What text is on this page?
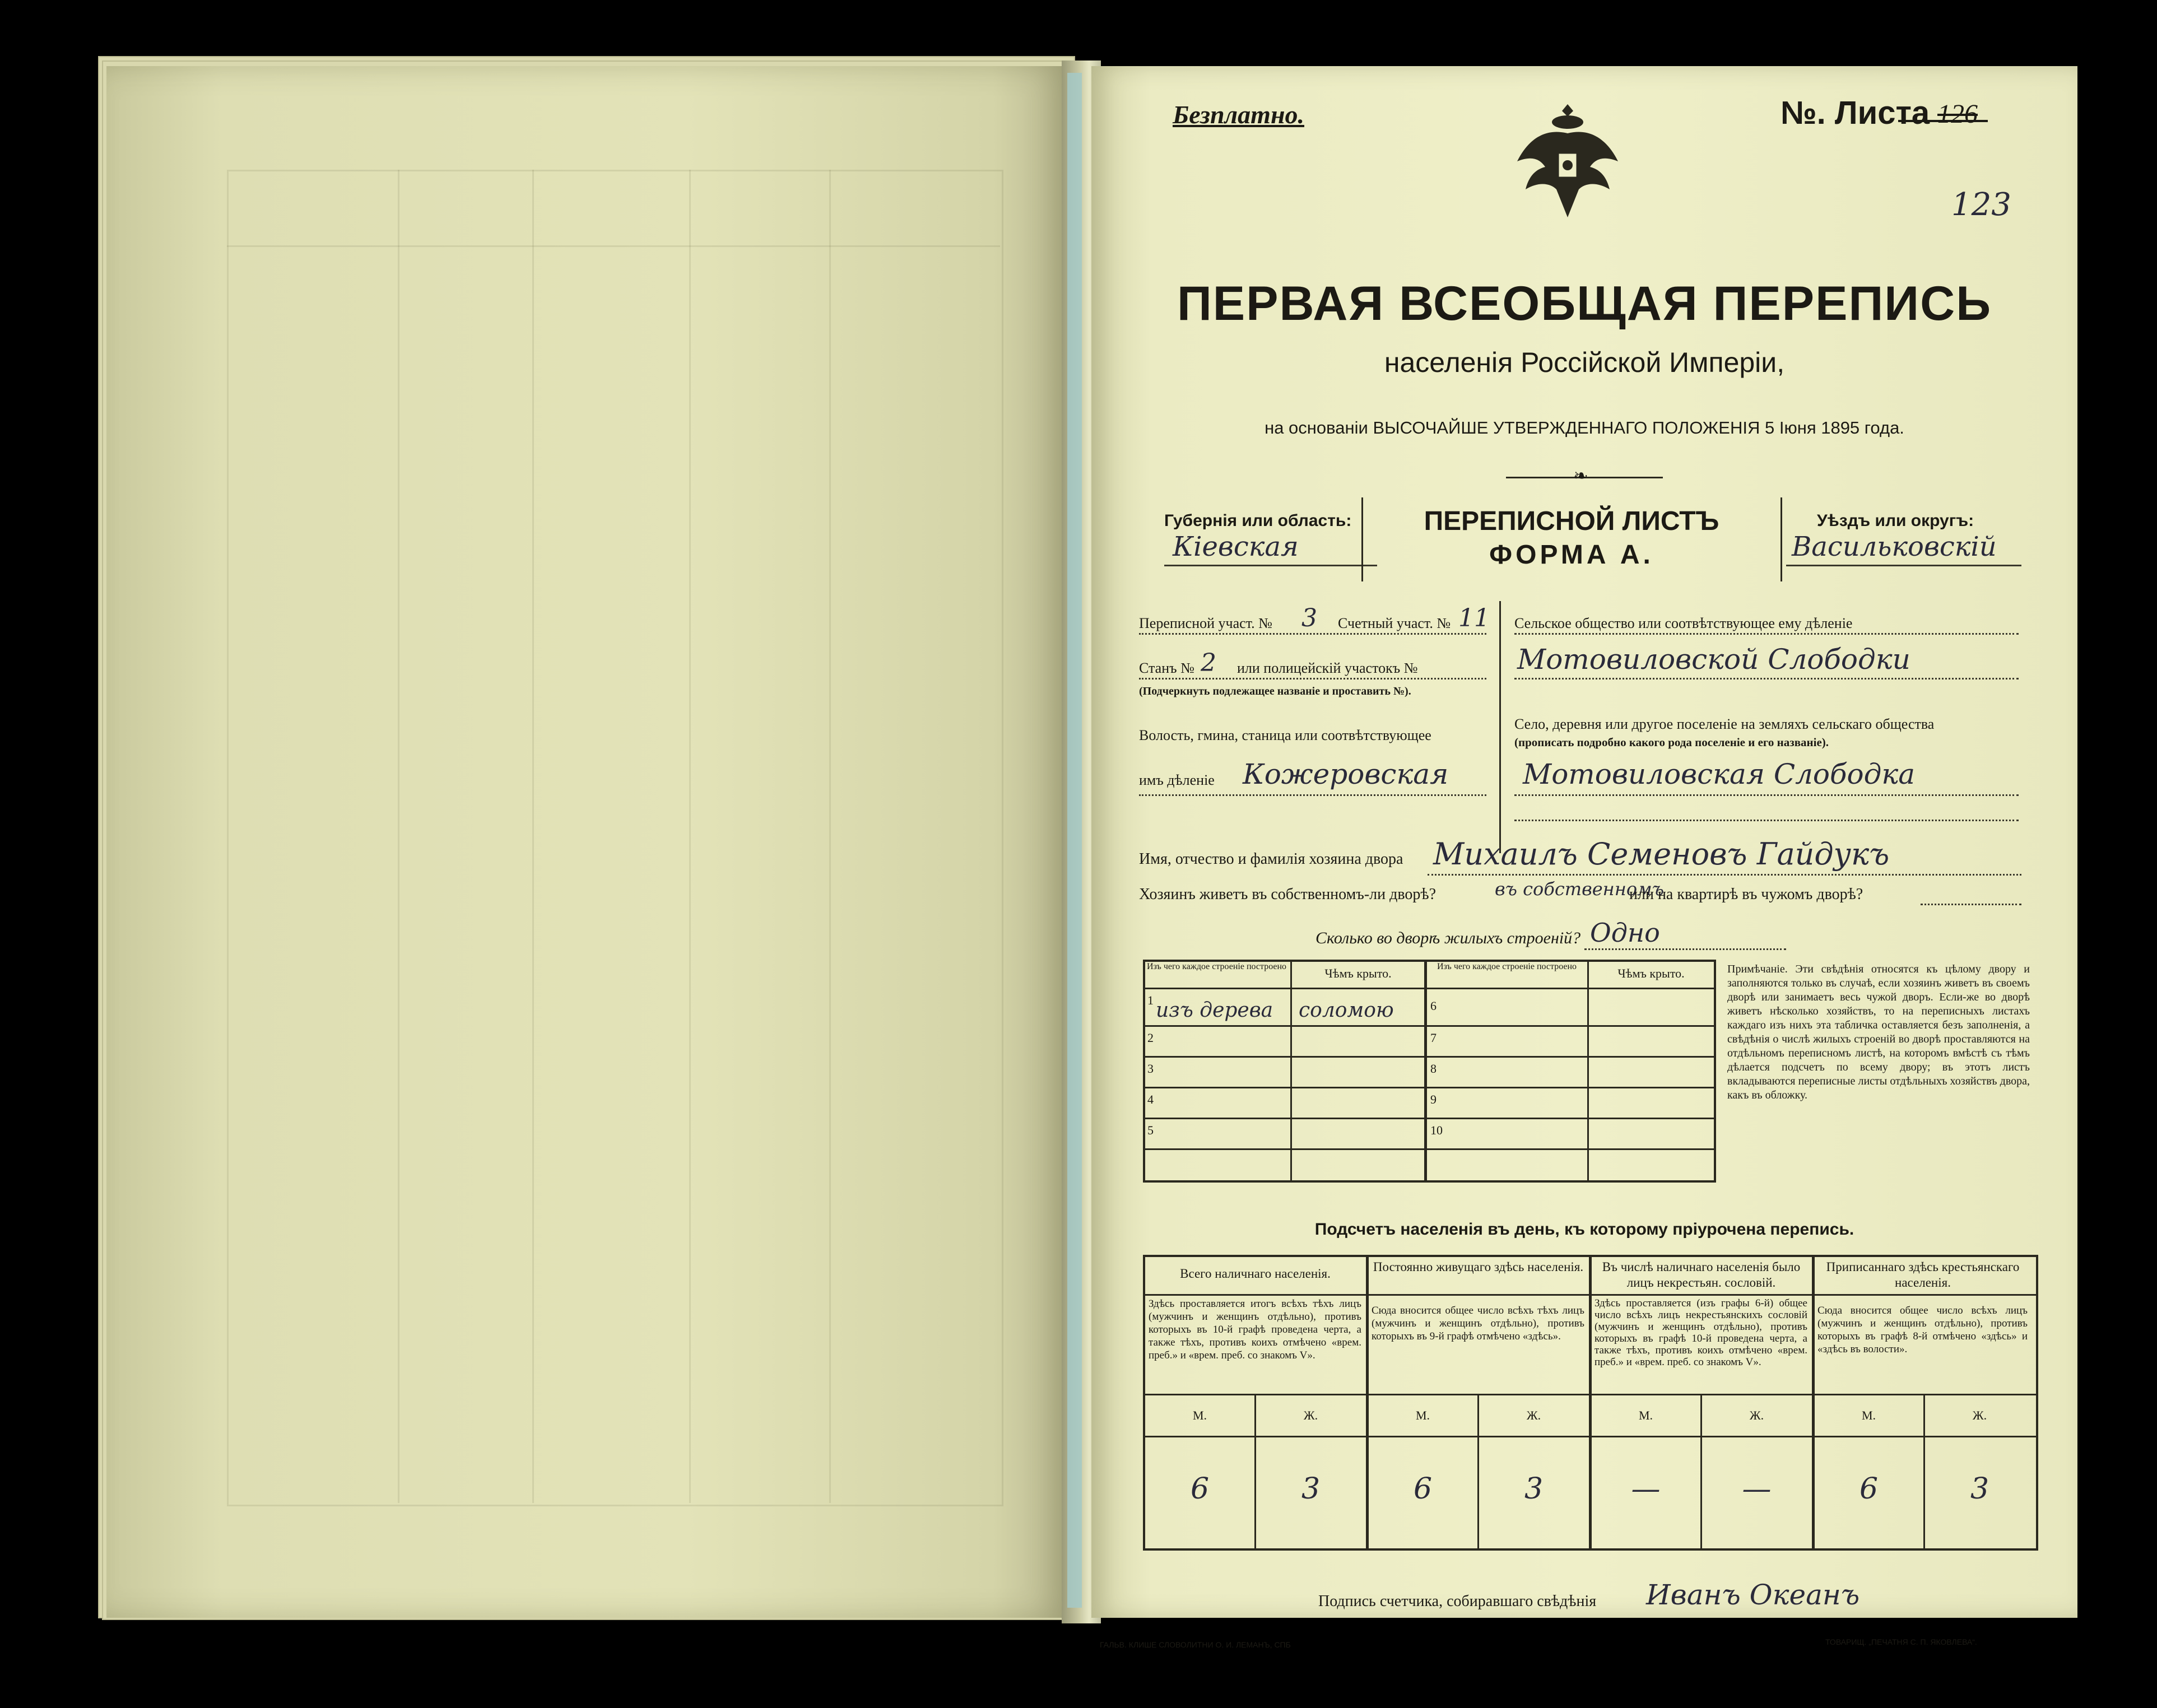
Безплатно.	№. Листа 126
123
ПЕРВАЯ ВСЕОБЩАЯ ПЕРЕПИСЬ
населенія Россійской Имперіи,
на основаніи ВЫСОЧАЙШЕ УТВЕРЖДЕННАГО ПОЛОЖЕНІЯ 5 Іюня 1895 года.
❧
Губернія или область:
Кіевская
ПЕРЕПИСНОЙ ЛИСТЪ
ФОРМА А.
Уѣздъ или округъ:
Васильковскій
Переписной участ. № 3 Счетный участ. № 11
Станъ № 2 или полицейскій участокъ №
(Подчеркнуть подлежащее названіе и проставить №).
Волость, гмина, станица или соотвѣтствующее
имъ дѣленіе Кожеровская
Сельское общество или соотвѣтствующее ему дѣленіе
Мотовиловской Слободки
Село, деревня или другое поселеніе на земляхъ сельскаго общества
(прописать подробно какого рода поселеніе и его названіе).
Мотовиловская Слободка
Имя, отчество и фамилія хозяина двора Михаилъ Семеновъ Гайдукъ
Хозяинъ живетъ въ собственномъ-ли дворѣ?	въ собственномъ
или на квартирѣ въ чужомъ дворѣ?
Сколько во дворѣ жилыхъ строеній? Одно
Изъ чего каждое строеніе построено	Чѣмъ крыто.	Изъ чего каждое строеніе построено	Чѣмъ крыто.
1 изъ дерева соломою
2
3
4
5
6
7
8
9
10
Примѣчаніе. Эти свѣдѣнія относятся къ цѣлому двору и заполняются только въ случаѣ, если хозяинъ живетъ въ своемъ дворѣ или занимаетъ весь чужой дворъ. Если-же во дворѣ живетъ нѣсколько хозяйствъ, то на переписныхъ листахъ каждаго изъ нихъ эта табличка оставляется безъ заполненія, а свѣдѣнія о числѣ жилыхъ строеній во дворѣ проставляются на отдѣльномъ переписномъ листѣ, на которомъ вмѣстѣ съ тѣмъ дѣлается подсчетъ по всему двору; въ этотъ листъ вкладываются переписные листы отдѣльныхъ хозяйствъ двора, какъ въ обложку.
Подсчетъ населенія въ день, къ которому пріурочена перепись.
Всего наличнаго населенія.
Здѣсь проставляется итогъ всѣхъ тѣхъ лицъ (мужчинъ и женщинъ отдѣльно), противъ которыхъ въ 10-й графѣ проведена черта, а также тѣхъ, противъ коихъ отмѣчено «врем. преб.» и «врем. преб. со знакомъ V».
М.	Ж.
6	3
Постоянно живущаго здѣсь населенія.
Сюда вносится общее число всѣхъ тѣхъ лицъ (мужчинъ и женщинъ отдѣльно), противъ которыхъ въ 9-й графѣ отмѣчено «здѣсь».
М.	Ж.
6	3
Въ числѣ наличнаго населенія было лицъ некрестьян. сословій.
Здѣсь проставляется (изъ графы 6-й) общее число всѣхъ лицъ некрестьянскихъ сословій (мужчинъ и женщинъ отдѣльно), противъ которыхъ въ графѣ 10-й проведена черта, а также тѣхъ, противъ коихъ отмѣчено «врем. преб.» и «врем. преб. со знакомъ V».
М.	Ж.
—	—
Приписаннаго здѣсь крестьянскаго населенія.
Сюда вносится общее число всѣхъ лицъ (мужчинъ и женщинъ отдѣльно), противъ которыхъ въ графѣ 8-й отмѣчено «здѣсь» и «здѣсь въ волости».
М.	Ж.
6	3
Подпись счетчика, собиравшаго свѣдѣнія Иванъ Океанъ
ГАЛЬВ. КЛИШЕ СЛОВОЛИТНИ О. И. ЛЕМАНЪ, СПБ	ТОВАРИЩ. „ПЕЧАТНЯ С. П. ЯКОВЛЕВА“.
